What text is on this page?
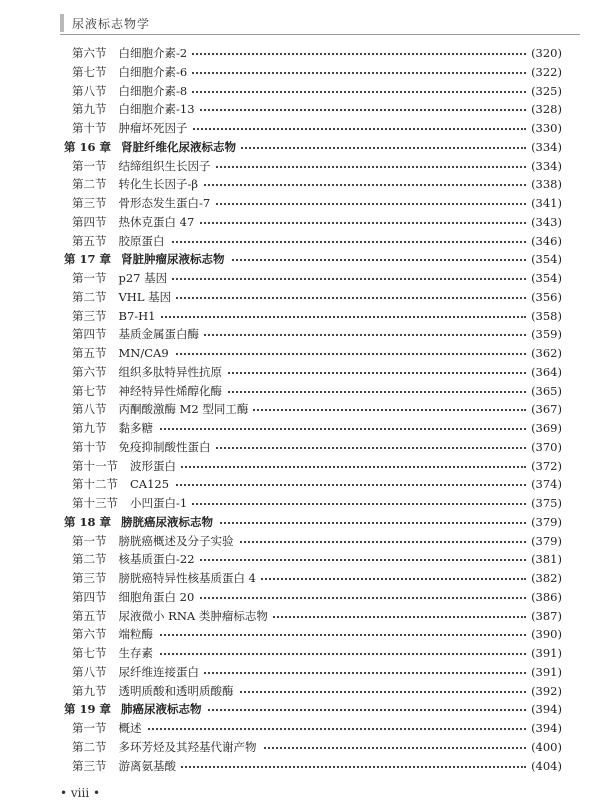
尿液标志物学
第六节 白细胞介素-2	(320)
第七节 白细胞介素-6	(322)
第八节 白细胞介素-8	(325)
第九节 白细胞介素-13	(328)
第十节 肿瘤坏死因子	(330)
第 16 章 肾脏纤维化尿液标志物	(334)
第一节 结缔组织生长因子	(334)
第二节 转化生长因子-β	(338)
第三节 骨形态发生蛋白-7	(341)
第四节 热休克蛋白 47	(343)
第五节 胶原蛋白	(346)
第 17 章 肾脏肿瘤尿液标志物	(354)
第一节 p27 基因	(354)
第二节 VHL 基因	(356)
第三节 B7-H1	(358)
第四节 基质金属蛋白酶	(359)
第五节 MN/CA9	(362)
第六节 组织多肽特异性抗原	(364)
第七节 神经特异性烯醇化酶	(365)
第八节 丙酮酸激酶 M2 型同工酶	(367)
第九节 黏多糖	(369)
第十节 免疫抑制酸性蛋白	(370)
第十一节 波形蛋白	(372)
第十二节 CA125	(374)
第十三节 小凹蛋白-1	(375)
第 18 章 膀胱癌尿液标志物	(379)
第一节 膀胱癌概述及分子实验	(379)
第二节 核基质蛋白-22	(381)
第三节 膀胱癌特异性核基质蛋白 4	(382)
第四节 细胞角蛋白 20	(386)
第五节 尿液微小 RNA 类肿瘤标志物	(387)
第六节 端粒酶	(390)
第七节 生存素	(391)
第八节 尿纤维连接蛋白	(391)
第九节 透明质酸和透明质酸酶	(392)
第 19 章 肺癌尿液标志物	(394)
第一节 概述	(394)
第二节 多环芳烃及其羟基代谢产物	(400)
第三节 游离氨基酸	(404)
• viii •
